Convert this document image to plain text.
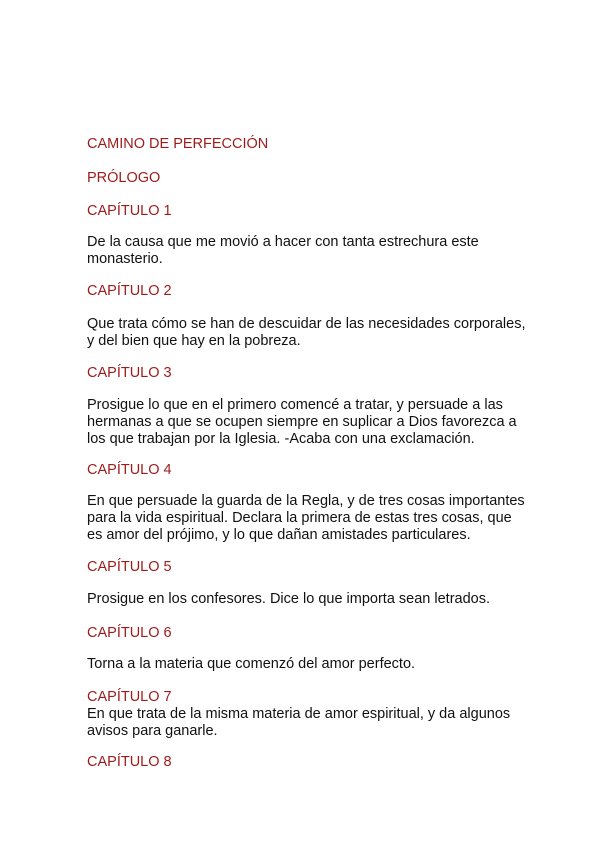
CAMINO DE PERFECCIÓN
PRÓLOGO
CAPÍTULO 1

De la causa que me movió a hacer con tanta estrechura este
monasterio.

CAPÍTULO 2

Que trata cómo se han de descuidar de las necesidades corporales,
y del bien que hay en la pobreza.

CAPÍTULO 3

Prosigue lo que en el primero comencé a tratar, y persuade a las
hermanas a que se ocupen siempre en suplicar a Dios favorezca a
los que trabajan por la Iglesia. -Acaba con una exclamación.

CAPÍTULO 4

En que persuade la guarda de la Regla, y de tres cosas importantes
para la vida espiritual. Declara la primera de estas tres cosas, que
es amor del prójimo, y lo que dañan amistades particulares.

CAPÍTULO 5

Prosigue en los confesores. Dice lo que importa sean letrados.

CAPÍTULO 6

Torna a la materia que comenzó del amor perfecto.

CAPÍTULO 7

En que trata de la misma materia de amor espiritual, y da algunos
avisos para ganarle.

CAPÍTULO 8
